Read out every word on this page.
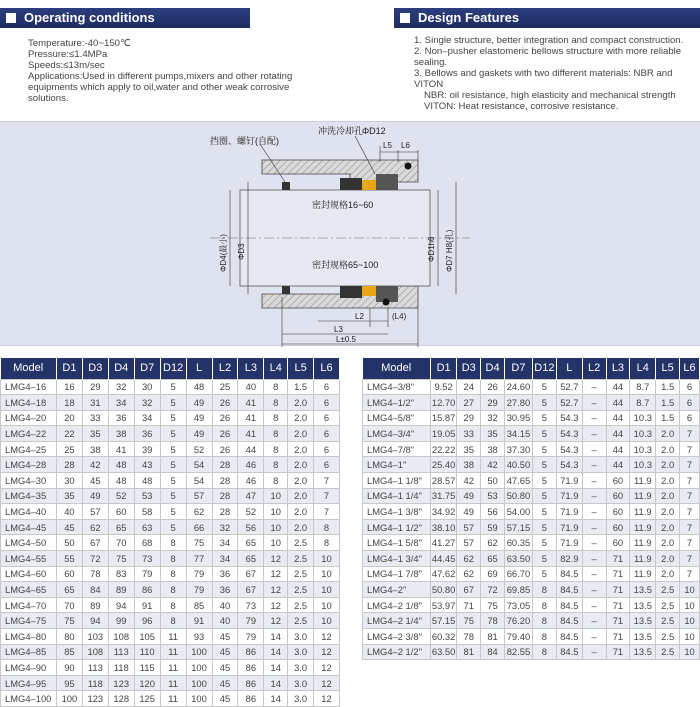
Operating conditions	Design Features
Temperature:-40~150℃
Pressure:≤1.4MPa
Speeds:≤13m/sec
Applications:Used in different pumps,mixers and other rotating equipments which apply to oil,water and other weak corrosive solutions.
1. Single structure, better integration and compact construction.
2. Non–pusher elastomeric bellows structure with more reliable sealing.
3. Bellows and gaskets with two different materials: NBR and VITON
NBR: oil resistance, high elasticity and mechanical strength
VITON: Heat resistance, corrosive resistance.
挡圈、螺钉(自配)
冲洗冷却孔
ΦD12
L5 L6
密封规格16~60
密封规格65~100
ΦD4(最小) ΦD3	ΦD1h6 ΦD7 H8(孔)
L2	(L4)
L3
L±0.5
Model	D1	D3	D4	D7	D12	L	L2	L3	L4	L5	L6
LMG4–16	16	29	32	30	5	48	25	40	8	1.5	6
LMG4–18	18	31	34	32	5	49	26	41	8	2.0	6
LMG4–20	20	33	36	34	5	49	26	41	8	2.0	6
LMG4–22	22	35	38	36	5	49	26	41	8	2.0	6
LMG4–25	25	38	41	39	5	52	26	44	8	2.0	6
LMG4–28	28	42	48	43	5	54	28	46	8	2.0	6
LMG4–30	30	45	48	48	5	54	28	46	8	2.0	7
LMG4–35	35	49	52	53	5	57	28	47	10	2.0	7
LMG4–40	40	57	60	58	5	62	28	52	10	2.0	7
LMG4–45	45	62	65	63	5	66	32	56	10	2.0	8
LMG4–50	50	67	70	68	8	75	34	65	10	2.5	8
LMG4–55	55	72	75	73	8	77	34	65	12	2.5	10
LMG4–60	60	78	83	79	8	79	36	67	12	2.5	10
LMG4–65	65	84	89	86	8	79	36	67	12	2.5	10
LMG4–70	70	89	94	91	8	85	40	73	12	2.5	10
LMG4–75	75	94	99	96	8	91	40	79	12	2.5	10
LMG4–80	80	103	108	105	11	93	45	79	14	3.0	12
LMG4–85	85	108	113	110	11	100	45	86	14	3.0	12
LMG4–90	90	113	118	115	11	100	45	86	14	3.0	12
LMG4–95	95	118	123	120	11	100	45	86	14	3.0	12
LMG4–100	100	123	128	125	11	100	45	86	14	3.0	12
Model	D1	D3	D4	D7	D12	L	L2	L3	L4	L5	L6
LMG4–3/8"	9.52	24	26	24.60	5	52.7	–	44	8.7	1.5	6
LMG4–1/2"	12.70	27	29	27.80	5	52.7	–	44	8.7	1.5	6
LMG4–5/8"	15.87	29	32	30.95	5	54.3	–	44	10.3	1.5	6
LMG4–3/4"	19.05	33	35	34.15	5	54.3	–	44	10.3	2.0	7
LMG4–7/8"	22.22	35	38	37.30	5	54.3	–	44	10.3	2.0	7
LMG4–1"	25.40	38	42	40.50	5	54.3	–	44	10.3	2.0	7
LMG4–1 1/8"	28.57	42	50	47.65	5	71.9	–	60	11.9	2.0	7
LMG4–1 1/4"	31.75	49	53	50.80	5	71.9	–	60	11.9	2.0	7
LMG4–1 3/8"	34.92	49	56	54.00	5	71.9	–	60	11.9	2.0	7
LMG4–1 1/2"	38.10	57	59	57.15	5	71.9	–	60	11.9	2.0	7
LMG4–1 5/8"	41.27	57	62	60.35	5	71.9	–	60	11.9	2.0	7
LMG4–1 3/4"	44.45	62	65	63.50	5	82.9	–	71	11.9	2.0	7
LMG4–1 7/8"	47.62	62	69	66.70	5	84.5	–	71	11.9	2.0	7
LMG4–2"	50.80	67	72	69.85	8	84.5	–	71	13.5	2.5	10
LMG4–2 1/8"	53.97	71	75	73.05	8	84.5	–	71	13.5	2.5	10
LMG4–2 1/4"	57.15	75	78	76.20	8	84.5	–	71	13.5	2.5	10
LMG4–2 3/8"	60.32	78	81	79.40	8	84.5	–	71	13.5	2.5	10
LMG4–2 1/2"	63.50	81	84	82.55	8	84.5	–	71	13.5	2.5	10
